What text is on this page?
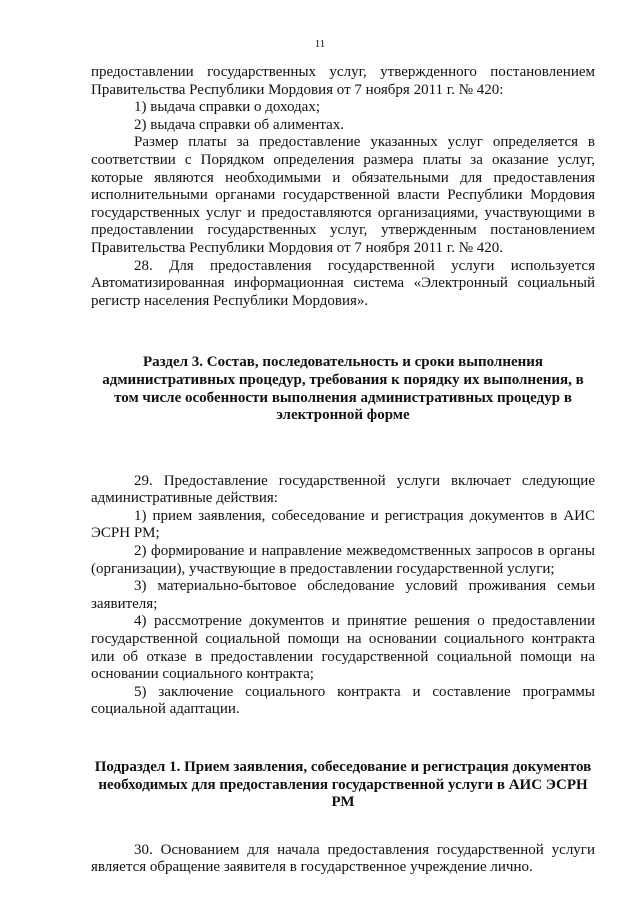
11

предоставлении государственных услуг, утвержденного постановлением Правительства Республики Мордовия от 7 ноября 2011 г. № 420:

1) выдача справки о доходах;

2) выдача справки об алиментах.

Размер платы за предоставление указанных услуг определяется в соответствии с Порядком определения размера платы за оказание услуг, которые являются необходимыми и обязательными для предоставления исполнительными органами государственной власти Республики Мордовия государственных услуг и предоставляются организациями, участвующими в предоставлении государственных услуг, утвержденным постановлением Правительства Республики Мордовия от 7 ноября 2011 г. № 420.

28. Для предоставления государственной услуги используется Автоматизированная информационная система «Электронный социальный регистр населения Республики Мордовия».

Раздел 3. Состав, последовательность и сроки выполнения административных процедур, требования к порядку их выполнения, в том числе особенности выполнения административных процедур в электронной форме

29. Предоставление государственной услуги включает следующие административные действия:

1) прием заявления, собеседование и регистрация документов в АИС ЭСРН РМ;

2) формирование и направление межведомственных запросов в органы (организации), участвующие в предоставлении государственной услуги;

3) материально-бытовое обследование условий проживания семьи заявителя;

4) рассмотрение документов и принятие решения о предоставлении государственной социальной помощи на основании социального контракта или об отказе в предоставлении государственной социальной помощи на основании социального контракта;

5) заключение социального контракта и составление программы социальной адаптации.

Подраздел 1. Прием заявления, собеседование и регистрация документов необходимых для предоставления государственной услуги в АИС ЭСРН РМ

30. Основанием для начала предоставления государственной услуги является обращение заявителя в государственное учреждение лично.
